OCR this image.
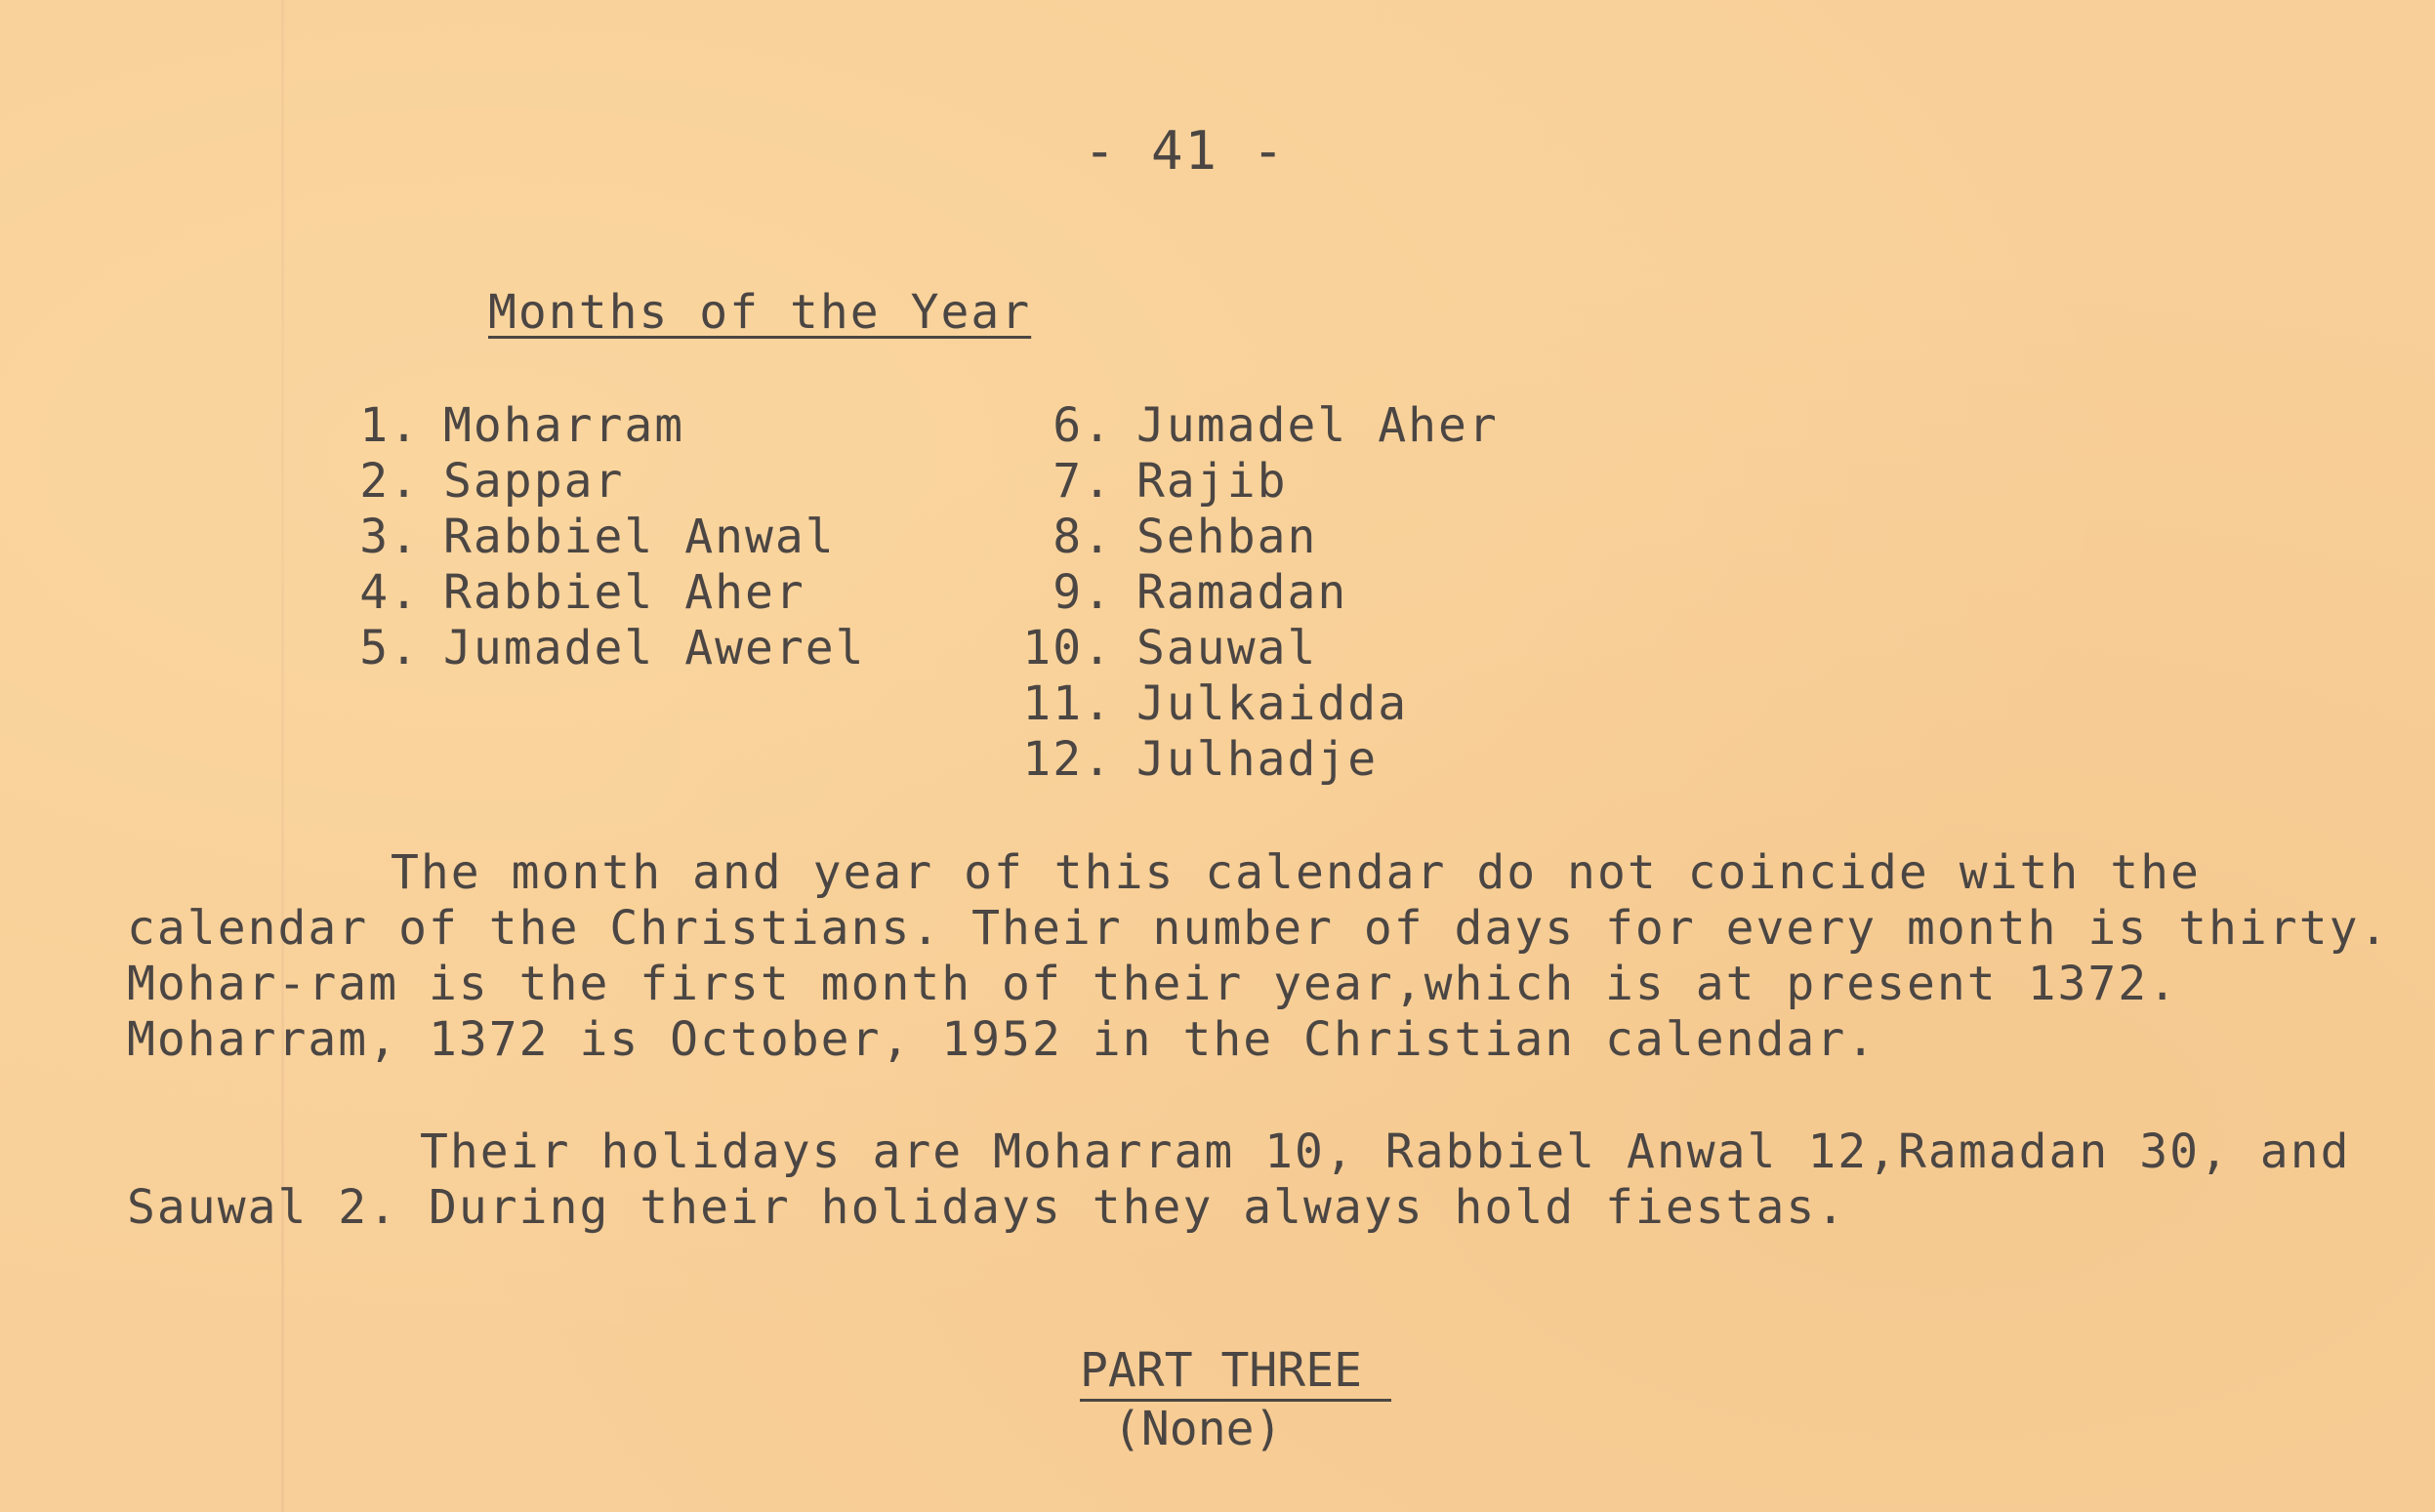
- 41 -
Months of the Year
1. Moharram
2. Sappar
3. Rabbiel Anwal
4. Rabbiel Aher
5. Jumadel Awerel
6. Jumadel Aher
7. Rajib
8. Sehban
9. Ramadan
10. Sauwal
11. Julkaidda
12. Julhadje

The month and year of this calendar do not coincide with the calendar of the Christians. Their number of days for every month is thirty. Mohar-ram is the first month of their year,which is at present 1372. Moharram, 1372 is October, 1952 in the Christian calendar.

Their holidays are Moharram 10, Rabbiel Anwal 12,Ramadan 30, and Sauwal 2. During their holidays they always hold fiestas.

PART THREE
(None)
